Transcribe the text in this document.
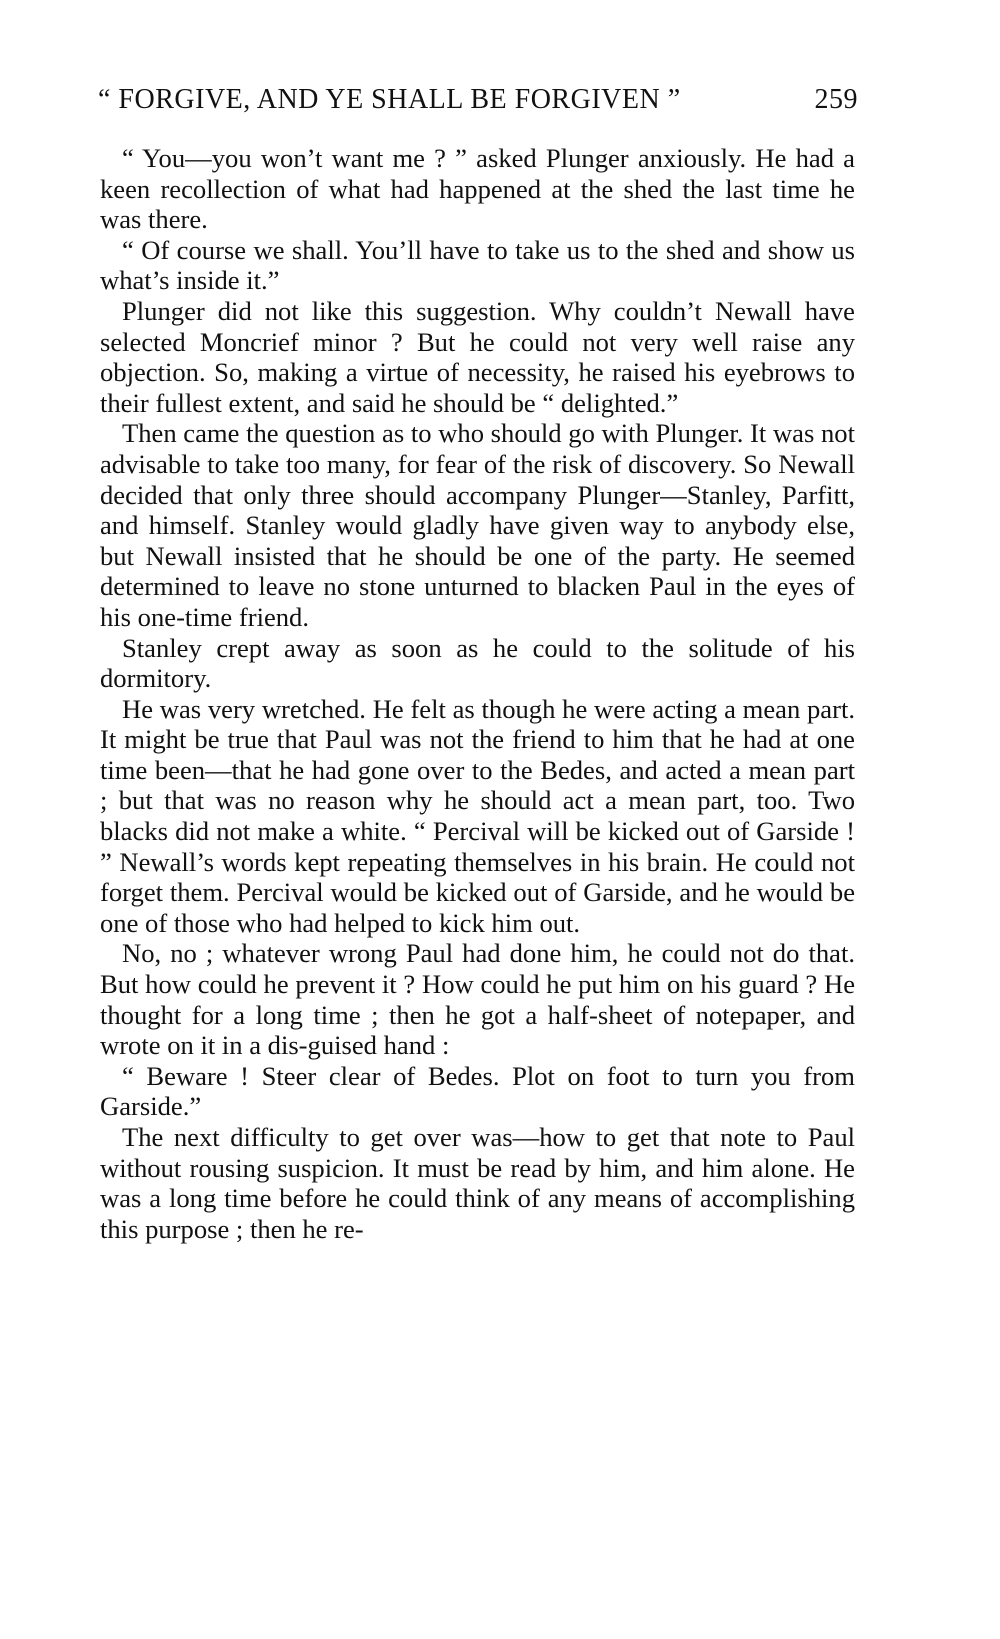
“ FORGIVE, AND YE SHALL BE FORGIVEN ”	259

“ You—you won’t want me ? ” asked Plunger anxiously. He had a keen recollection of what had happened at the shed the last time he was there.

“ Of course we shall. You’ll have to take us to the shed and show us what’s inside it.”

Plunger did not like this suggestion. Why couldn’t Newall have selected Moncrief minor ? But he could not very well raise any objection. So, making a virtue of necessity, he raised his eyebrows to their fullest extent, and said he should be “ delighted.”

Then came the question as to who should go with Plunger. It was not advisable to take too many, for fear of the risk of discovery. So Newall decided that only three should accompany Plunger—Stanley, Parfitt, and himself. Stanley would gladly have given way to anybody else, but Newall insisted that he should be one of the party. He seemed determined to leave no stone unturned to blacken Paul in the eyes of his one-time friend.

Stanley crept away as soon as he could to the solitude of his dormitory.

He was very wretched. He felt as though he were acting a mean part. It might be true that Paul was not the friend to him that he had at one time been—that he had gone over to the Bedes, and acted a mean part ; but that was no reason why he should act a mean part, too. Two blacks did not make a white. “ Percival will be kicked out of Garside ! ” Newall’s words kept repeating themselves in his brain. He could not forget them. Percival would be kicked out of Garside, and he would be one of those who had helped to kick him out.

No, no ; whatever wrong Paul had done him, he could not do that. But how could he prevent it ? How could he put him on his guard ? He thought for a long time ; then he got a half-sheet of notepaper, and wrote on it in a dis-guised hand :

“ Beware ! Steer clear of Bedes. Plot on foot to turn you from Garside.”

The next difficulty to get over was—how to get that note to Paul without rousing suspicion. It must be read by him, and him alone. He was a long time before he could think of any means of accomplishing this purpose ; then he re-
